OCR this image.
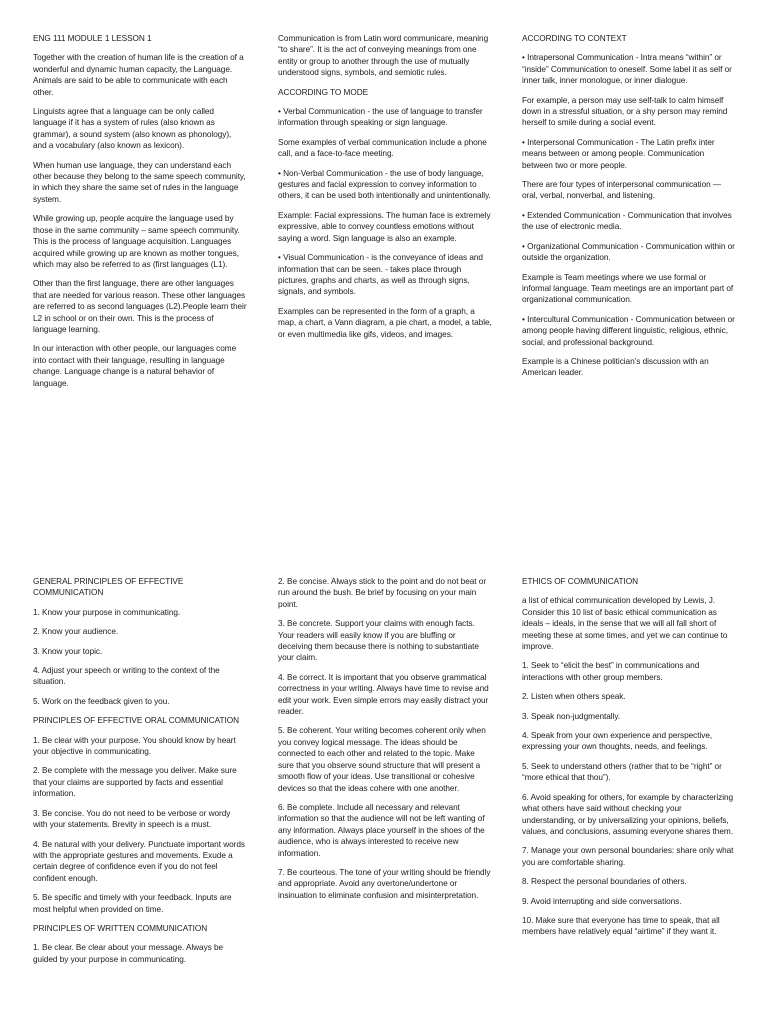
ENG 111 MODULE 1 LESSON 1

Together with the creation of human life is the creation of a wonderful and dynamic human capacity, the Language. Animals are said to be able to communicate with each other.

Linguists agree that a language can be only called language if it has a system of rules (also known as grammar), a sound system (also known as phonology), and a vocabulary (also known as lexicon).

When human use language, they can understand each other because they belong to the same speech community, in which they share the same set of rules in the language system.

While growing up, people acquire the language used by those in the same community – same speech community. This is the process of language acquisition. Languages acquired while growing up are known as mother tongues, which may also be referred to as (first languages (L1).

Other than the first language, there are other languages that are needed for various reason. These other languages are referred to as second languages (L2).People learn their L2 in school or on their own. This is the process of language learning.

In our interaction with other people, our languages come into contact with their language, resulting in language change. Language change is a natural behavior of language.

Communication is from Latin word communicare, meaning “to share”. It is the act of conveying meanings from one entity or group to another through the use of mutually understood signs, symbols, and semiotic rules.

ACCORDING TO MODE

• Verbal Communication - the use of language to transfer information through speaking or sign language.

Some examples of verbal communication include a phone call, and a face-to-face meeting.

• Non-Verbal Communication - the use of body language, gestures and facial expression to convey information to others, it can be used both intentionally and unintentionally.

Example: Facial expressions. The human face is extremely expressive, able to convey countless emotions without saying a word. Sign language is also an example.

• Visual Communication - is the conveyance of ideas and information that can be seen. - takes place through pictures, graphs and charts, as well as through signs, signals, and symbols.

Examples can be represented in the form of a graph, a map, a chart, a Vann diagram, a pie chart, a model, a table, or even multimedia like gifs, videos, and images.

ACCORDING TO CONTEXT

• Intrapersonal Communication - Intra means “within” or “inside” Communication to oneself. Some label it as self or inner talk, inner monologue, or inner dialogue.

For example, a person may use self-talk to calm himself down in a stressful situation, or a shy person may remind herself to smile during a social event.

• Interpersonal Communication - The Latin prefix inter means between or among people. Communication between two or more people.

There are four types of interpersonal communication — oral, verbal, nonverbal, and listening.

• Extended Communication - Communication that involves the use of electronic media.

• Organizational Communication - Communication within or outside the organization.

Example is Team meetings where we use formal or informal language. Team meetings are an important part of organizational communication.

• Intercultural Communication - Communication between or among people having different linguistic, religious, ethnic, social, and professional background.

Example is a Chinese politician’s discussion with an American leader.

GENERAL PRINCIPLES OF EFFECTIVE COMMUNICATION

1. Know your purpose in communicating.

2. Know your audience.

3. Know your topic.

4. Adjust your speech or writing to the context of the situation.

5. Work on the feedback given to you.

PRINCIPLES OF EFFECTIVE ORAL COMMUNICATION

1. Be clear with your purpose. You should know by heart your objective in communicating.

2. Be complete with the message you deliver. Make sure that your claims are supported by facts and essential information.

3. Be concise. You do not need to be verbose or wordy with your statements. Brevity in speech is a must.

4. Be natural with your delivery. Punctuate important words with the appropriate gestures and movements. Exude a certain degree of confidence even if you do not feel confident enough.

5. Be specific and timely with your feedback. Inputs are most helpful when provided on time.

PRINCIPLES OF WRITTEN COMMUNICATION

1. Be clear. Be clear about your message. Always be guided by your purpose in communicating.

2. Be concise. Always stick to the point and do not beat or run around the bush. Be brief by focusing on your main point.

3. Be concrete. Support your claims with enough facts. Your readers will easily know if you are bluffing or deceiving them because there is nothing to substantiate your claim.

4. Be correct. It is important that you observe grammatical correctness in your writing. Always have time to revise and edit your work. Even simple errors may easily distract your reader.

5. Be coherent. Your writing becomes coherent only when you convey logical message. The ideas should be connected to each other and related to the topic. Make sure that you observe sound structure that will present a smooth flow of your ideas. Use transitional or cohesive devices so that the ideas cohere with one another.

6. Be complete. Include all necessary and relevant information so that the audience will not be left wanting of any information. Always place yourself in the shoes of the audience, who is always interested to receive new information.

7. Be courteous. The tone of your writing should be friendly and appropriate. Avoid any overtone/undertone or insinuation to eliminate confusion and misinterpretation.

ETHICS OF COMMUNICATION

a list of ethical communication developed by Lewis, J. Consider this 10 list of basic ethical communication as ideals – ideals, in the sense that we will all fall short of meeting these at some times, and yet we can continue to improve.

1. Seek to “elicit the best” in communications and interactions with other group members.

2. Listen when others speak.

3. Speak non-judgmentally.

4. Speak from your own experience and perspective, expressing your own thoughts, needs, and feelings.

5. Seek to understand others (rather that to be “right” or “more ethical that thou”).

6. Avoid speaking for others, for example by characterizing what others have said without checking your understanding, or by universalizing your opinions, beliefs, values, and conclusions, assuming everyone shares them.

7. Manage your own personal boundaries: share only what you are comfortable sharing.

8. Respect the personal boundaries of others.

9. Avoid interrupting and side conversations.

10. Make sure that everyone has time to speak, that all members have relatively equal “airtime” if they want it.
